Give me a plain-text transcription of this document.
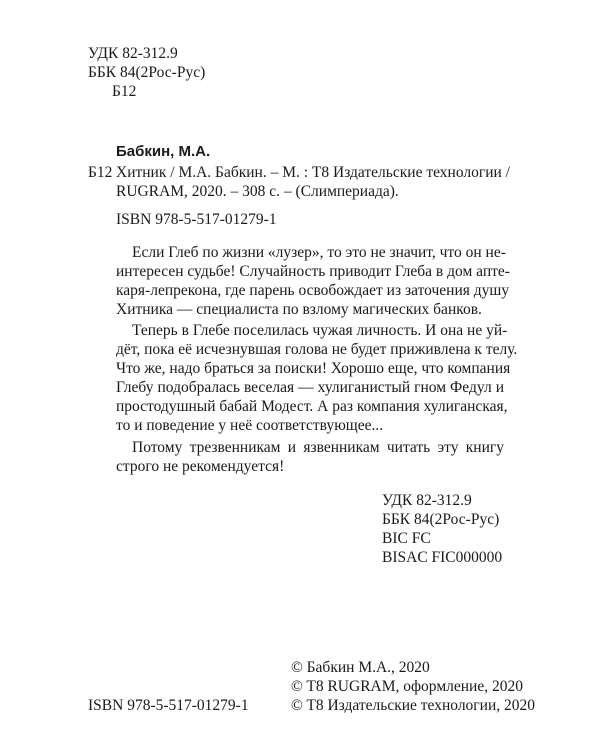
УДК 82-312.9
ББК 84(2Рос-Рус)
Б12
Бабкин, М.А.
Б12 Хитник / М.А. Бабкин. – М. : T8 Издательские технологии /
RUGRAM, 2020. – 308 с. – (Слимпериада).
ISBN 978-5-517-01279-1
Если Глеб по жизни «лузер», то это не значит, что он не-
интересен судьбе! Случайность приводит Глеба в дом апте-
каря-лепрекона, где парень освобождает из заточения душу
Хитника — специалиста по взлому магических банков.
Теперь в Глебе поселилась чужая личность. И она не уй-
дёт, пока её исчезнувшая голова не будет приживлена к телу.
Что же, надо браться за поиски! Хорошо еще, что компания
Глебу подобралась веселая — хулиганистый гном Федул и
простодушный бабай Модест. А раз компания хулиганская,
то и поведение у неё соответствующее...
Потому трезвенникам и язвенникам читать эту книгу
строго не рекомендуется!
УДК 82-312.9
ББК 84(2Рос-Рус)
BIC FC
BISAC FIC000000
© Бабкин М.А., 2020
© T8 RUGRAM, оформление, 2020
© T8 Издательские технологии, 2020
ISBN 978-5-517-01279-1
